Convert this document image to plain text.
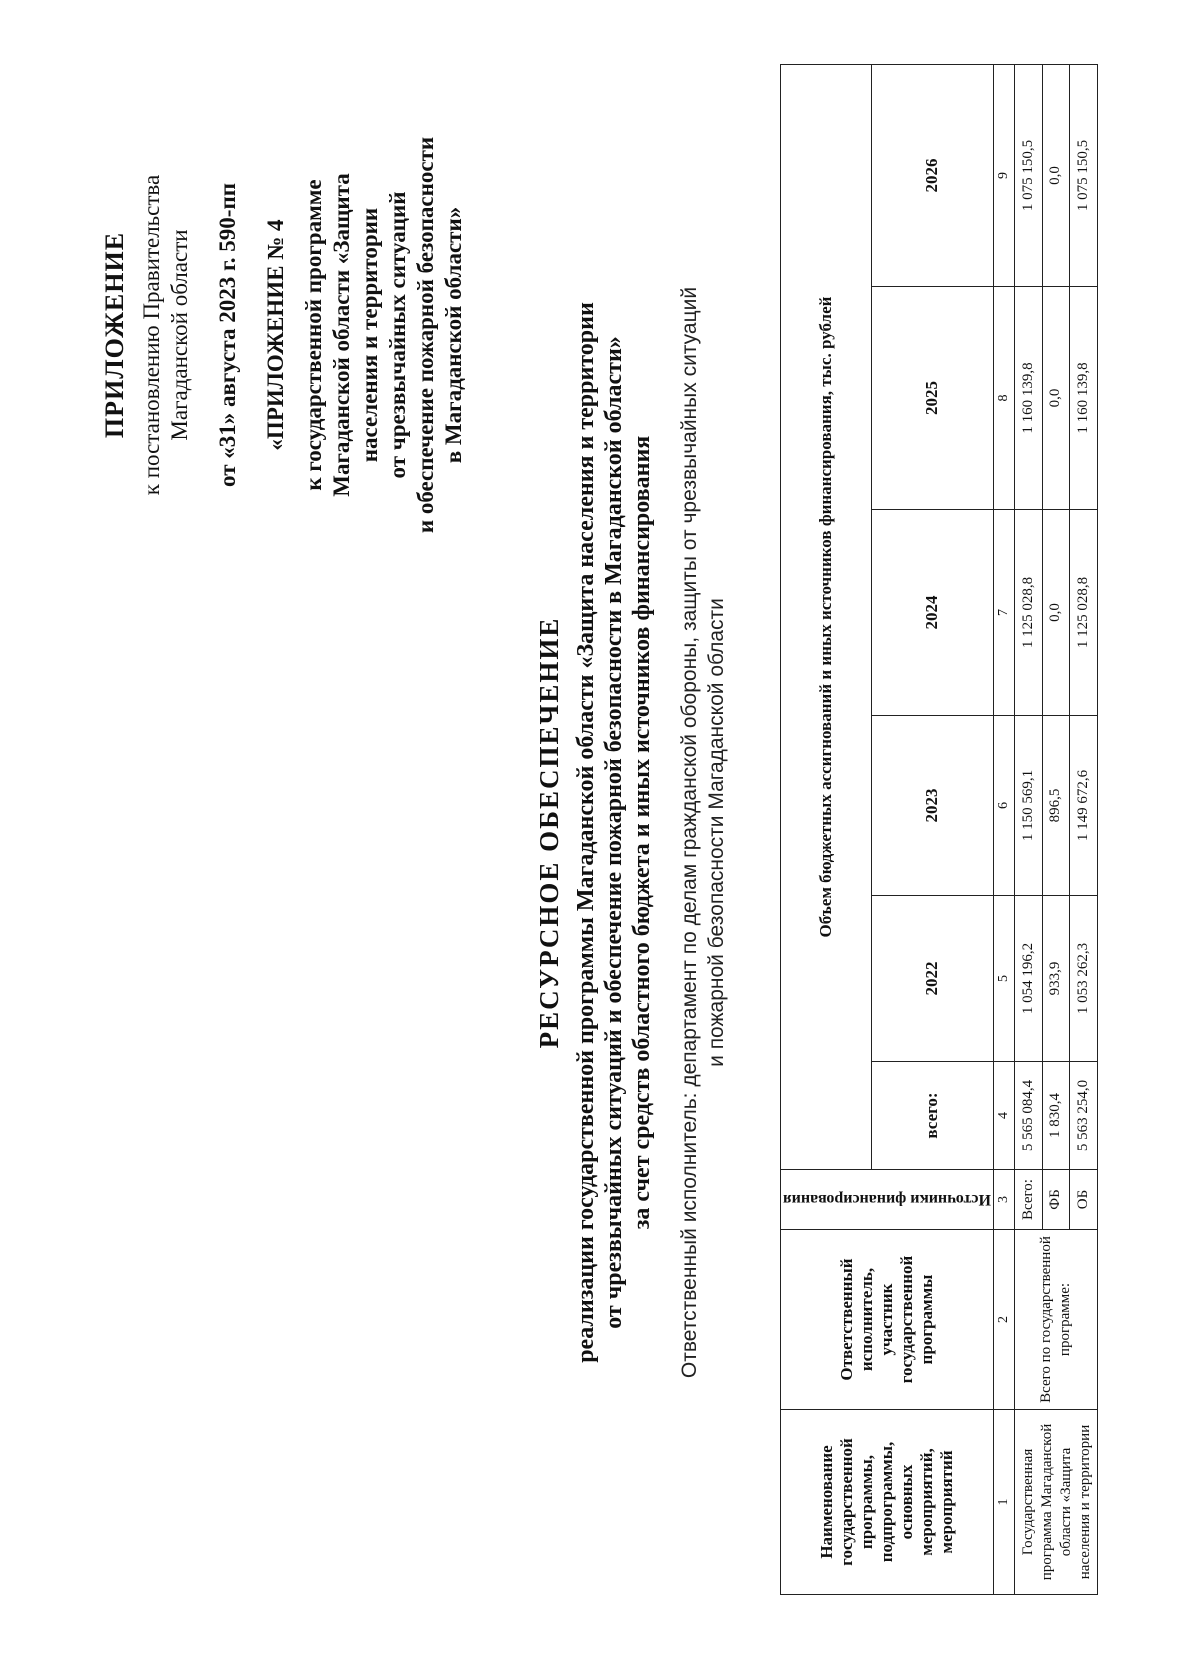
ПРИЛОЖЕНИЕ к постановлению Правительства Магаданской области от «31» августа 2023 г. 590-пп «ПРИЛОЖЕНИЕ № 4 к государственной программе Магаданской области «Защита населения и территории от чрезвычайных ситуаций и обеспечение пожарной безопасности в Магаданской области»
РЕСУРСНОЕ ОБЕСПЕЧЕНИЕ реализации государственной программы Магаданской области «Защита населения и территории от чрезвычайных ситуаций и обеспечение пожарной безопасности в Магаданской области» за счет средств областного бюджета и иных источников финансирования Ответственный исполнитель: департамент по делам гражданской обороны, защиты от чрезвычайных ситуаций и пожарной безопасности Магаданской области
Наименование государственной программы, подпрограммы, основных мероприятий, мероприятий	Ответственный исполнитель, участник государственной программы	Источники финансирования	Объем бюджетных ассигнований и иных источников финансирования, тыс. рублей					
			всего:	2022	2023	2024	2025	2026
1	2	3	4	5	6	7	8	9
Государственная программа Магаданской области «Защита населения и территории	Всего по государственной программе:	Всего:	5 565 084,4	1 054 196,2	1 150 569,1	1 125 028,8	1 160 139,8	1 075 150,5
		ФБ	1 830,4	933,9	896,5	0,0	0,0	0,0
		ОБ	5 563 254,0	1 053 262,3	1 149 672,6	1 125 028,8	1 160 139,8	1 075 150,5
